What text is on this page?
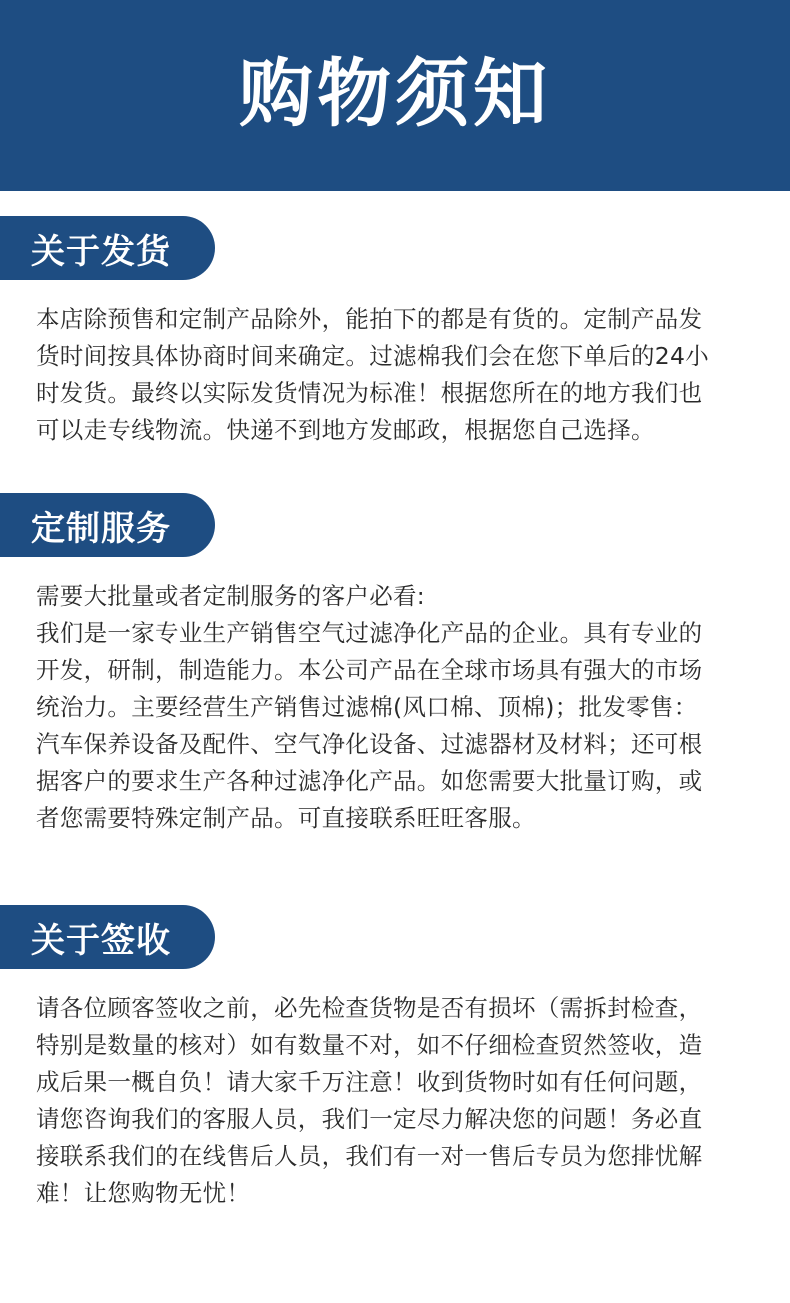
购物须知
关于发货
本店除预售和定制产品除外，能拍下的都是有货的。定制产品发
货时间按具体协商时间来确定。过滤棉我们会在您下单后的24小
时发货。最终以实际发货情况为标准！根据您所在的地方我们也
可以走专线物流。快递不到地方发邮政，根据您自己选择。
定制服务
需要大批量或者定制服务的客户必看:
我们是一家专业生产销售空气过滤净化产品的企业。具有专业的
开发，研制，制造能力。本公司产品在全球市场具有强大的市场
统治力。主要经营生产销售过滤棉(风口棉、顶棉)；批发零售：
汽车保养设备及配件、空气净化设备、过滤器材及材料；还可根
据客户的要求生产各种过滤净化产品。如您需要大批量订购，或
者您需要特殊定制产品。可直接联系旺旺客服。
关于签收
请各位顾客签收之前，必先检查货物是否有损坏（需拆封检查，
特别是数量的核对）如有数量不对，如不仔细检查贸然签收，造
成后果一概自负！请大家千万注意！收到货物时如有任何问题，
请您咨询我们的客服人员，我们一定尽力解决您的问题！务必直
接联系我们的在线售后人员，我们有一对一售后专员为您排忧解
难！让您购物无忧！
